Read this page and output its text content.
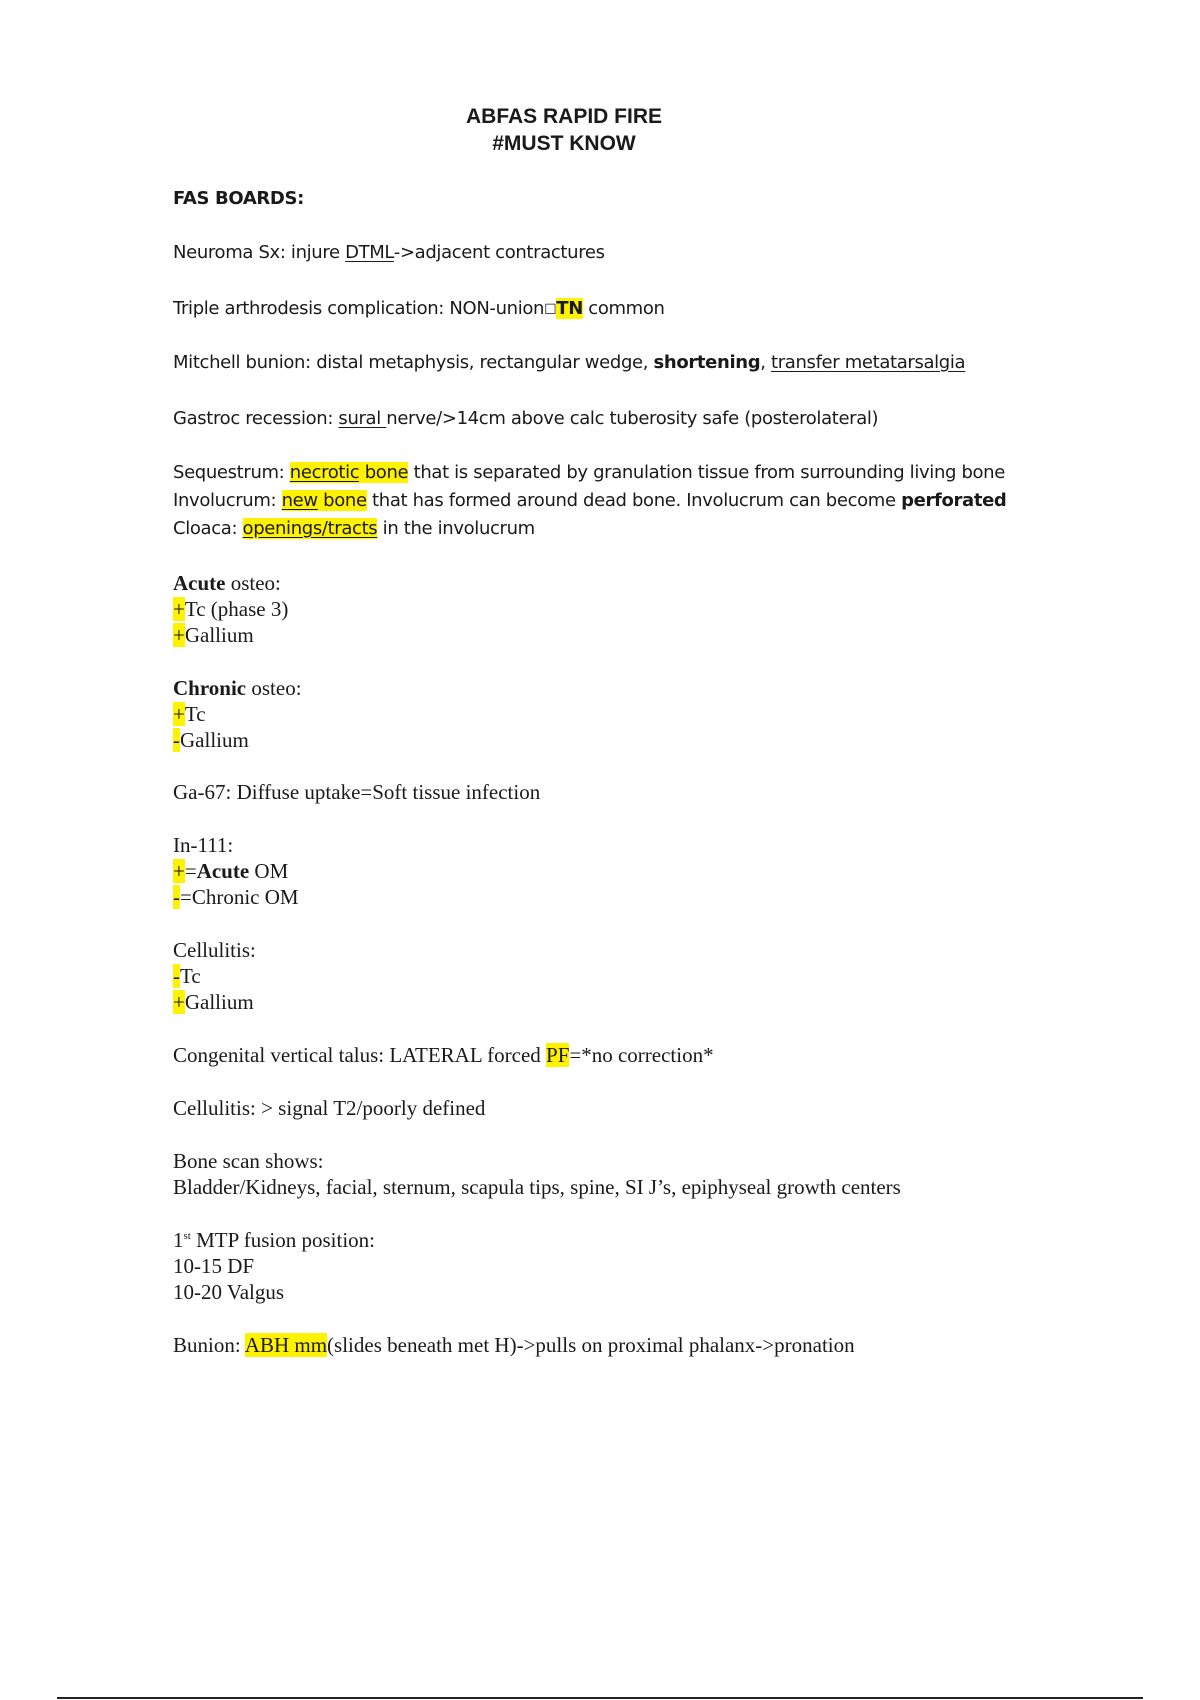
ABFAS RAPID FIRE
#MUST KNOW
FAS BOARDS:
Neuroma Sx: injure DTML->adjacent contractures
Triple arthrodesis complication: NON-union☐TN common
Mitchell bunion: distal metaphysis, rectangular wedge, shortening, transfer metatarsalgia
Gastroc recession: sural nerve/>14cm above calc tuberosity safe (posterolateral)
Sequestrum: necrotic bone that is separated by granulation tissue from surrounding living bone
Involucrum: new bone that has formed around dead bone. Involucrum can become perforated
Cloaca: openings/tracts in the involucrum
Acute osteo:
+Tc (phase 3)
+Gallium
Chronic osteo:
+Tc
-Gallium
Ga-67: Diffuse uptake=Soft tissue infection
In-111:
+=Acute OM
-=Chronic OM
Cellulitis:
-Tc
+Gallium
Congenital vertical talus: LATERAL forced PF=*no correction*
Cellulitis: > signal T2/poorly defined
Bone scan shows:
Bladder/Kidneys, facial, sternum, scapula tips, spine, SI J’s, epiphyseal growth centers
1st MTP fusion position:
10-15 DF
10-20 Valgus
Bunion: ABH mm(slides beneath met H)->pulls on proximal phalanx->pronation
